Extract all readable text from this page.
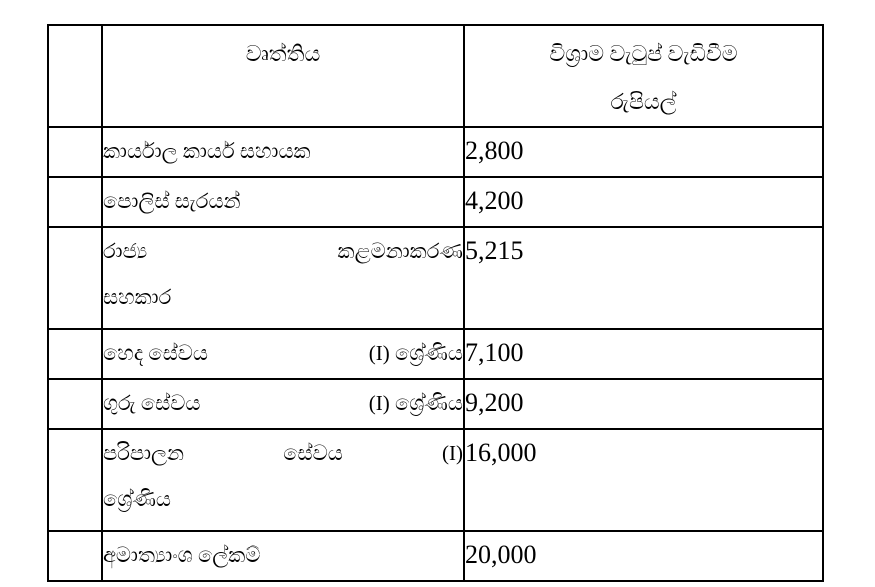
	වෘත්තිය	විශ්‍රාම වැටුප් වැඩිවීම
රුපියල්

	කාර්යාල කාර්ය සහායක	2,800

	පොලිස් සැරයන්	4,200

	රාජ්‍ය කළමනාකරණ
සහකාර	5,215

	හෙද සේවය (I) ශ්‍රේණිය	7,100

	ගුරු සේවය (I) ශ්‍රේණිය	9,200

	පරිපාලන සේවය (I)
ශ්‍රේණිය	16,000

	අමාත්‍යාංශ ලේකම්	20,000
